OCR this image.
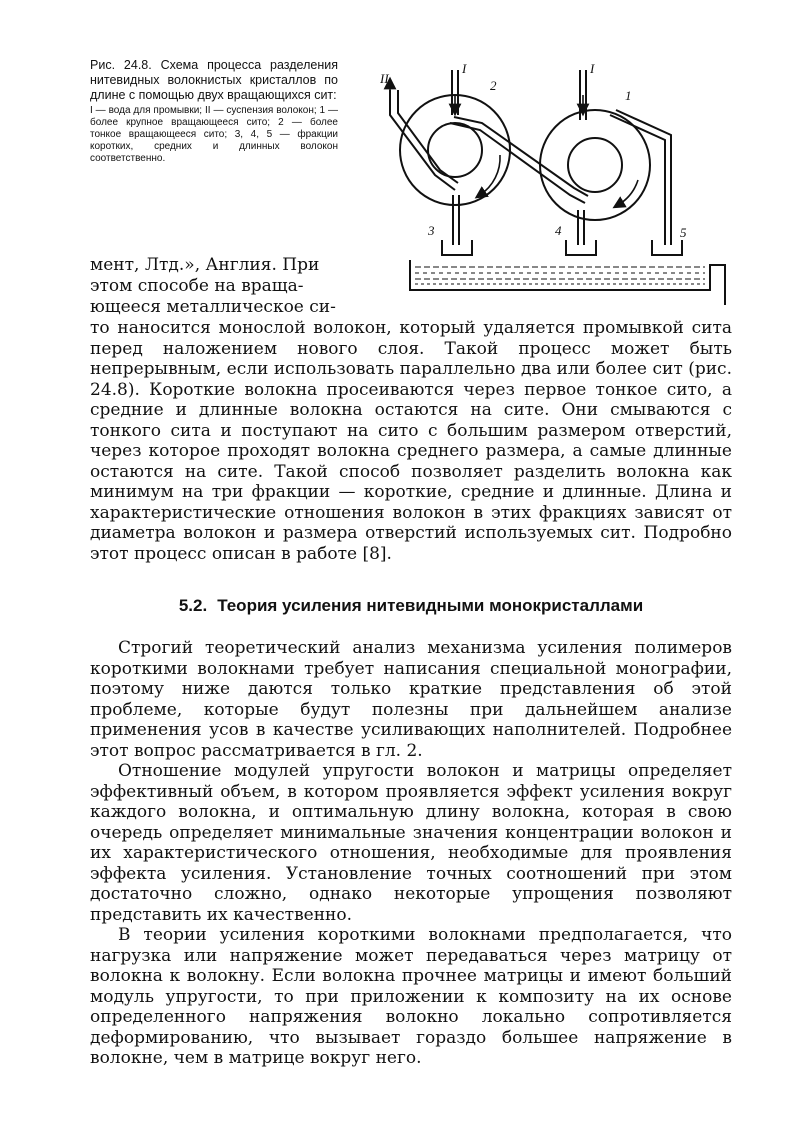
Рис. 24.8. Схема процесса разделения нитевидных волокнистых кристаллов по длине с помощью двух вращающихся сит:
I — вода для промывки; II — суспензия волокон; 1 — более крупное вращающееся сито; 2 — более тонкое вращающееся сито; 3, 4, 5 — фракции коротких, средних и длинных волокон соответственно.
II
I	I
2
1
3	4	5
мент, Лтд.», Англия. При
этом способе на враща-
ющееся металлическое си-
то наносится монослой волокон, который удаляется промывкой сита перед наложением нового слоя. Такой процесс может быть непрерывным, если использовать параллельно два или более сит (рис. 24.8). Короткие волокна просеиваются через первое тонкое сито, а средние и длинные волокна остаются на сите. Они смываются с тонкого сита и поступают на сито с большим размером отверстий, через которое проходят волокна среднего размера, а самые длинные остаются на сите. Такой способ позволяет разделить волокна как минимум на три фракции — короткие, средние и длинные. Длина и характеристические отношения волокон в этих фракциях зависят от диаметра волокон и размера отверстий используемых сит. Подробно этот процесс описан в работе [8].
5.2. Теория усиления нитевидными монокристаллами

Строгий теоретический анализ механизма усиления полимеров короткими волокнами требует написания специальной монографии, поэтому ниже даются только краткие представления об этой проблеме, которые будут полезны при дальнейшем анализе применения усов в качестве усиливающих наполнителей. Подробнее этот вопрос рассматривается в гл. 2.

Отношение модулей упругости волокон и матрицы определяет эффективный объем, в котором проявляется эффект усиления вокруг каждого волокна, и оптимальную длину волокна, которая в свою очередь определяет минимальные значения концентрации волокон и их характеристического отношения, необходимые для проявления эффекта усиления. Установление точных соотношений при этом достаточно сложно, однако некоторые упрощения позволяют представить их качественно.

В теории усиления короткими волокнами предполагается, что нагрузка или напряжение может передаваться через матрицу от волокна к волокну. Если волокна прочнее матрицы и имеют больший модуль упругости, то при приложении к композиту на их основе определенного напряжения волокно локально сопротивляется деформированию, что вызывает гораздо большее напряжение в волокне, чем в матрице вокруг него.
